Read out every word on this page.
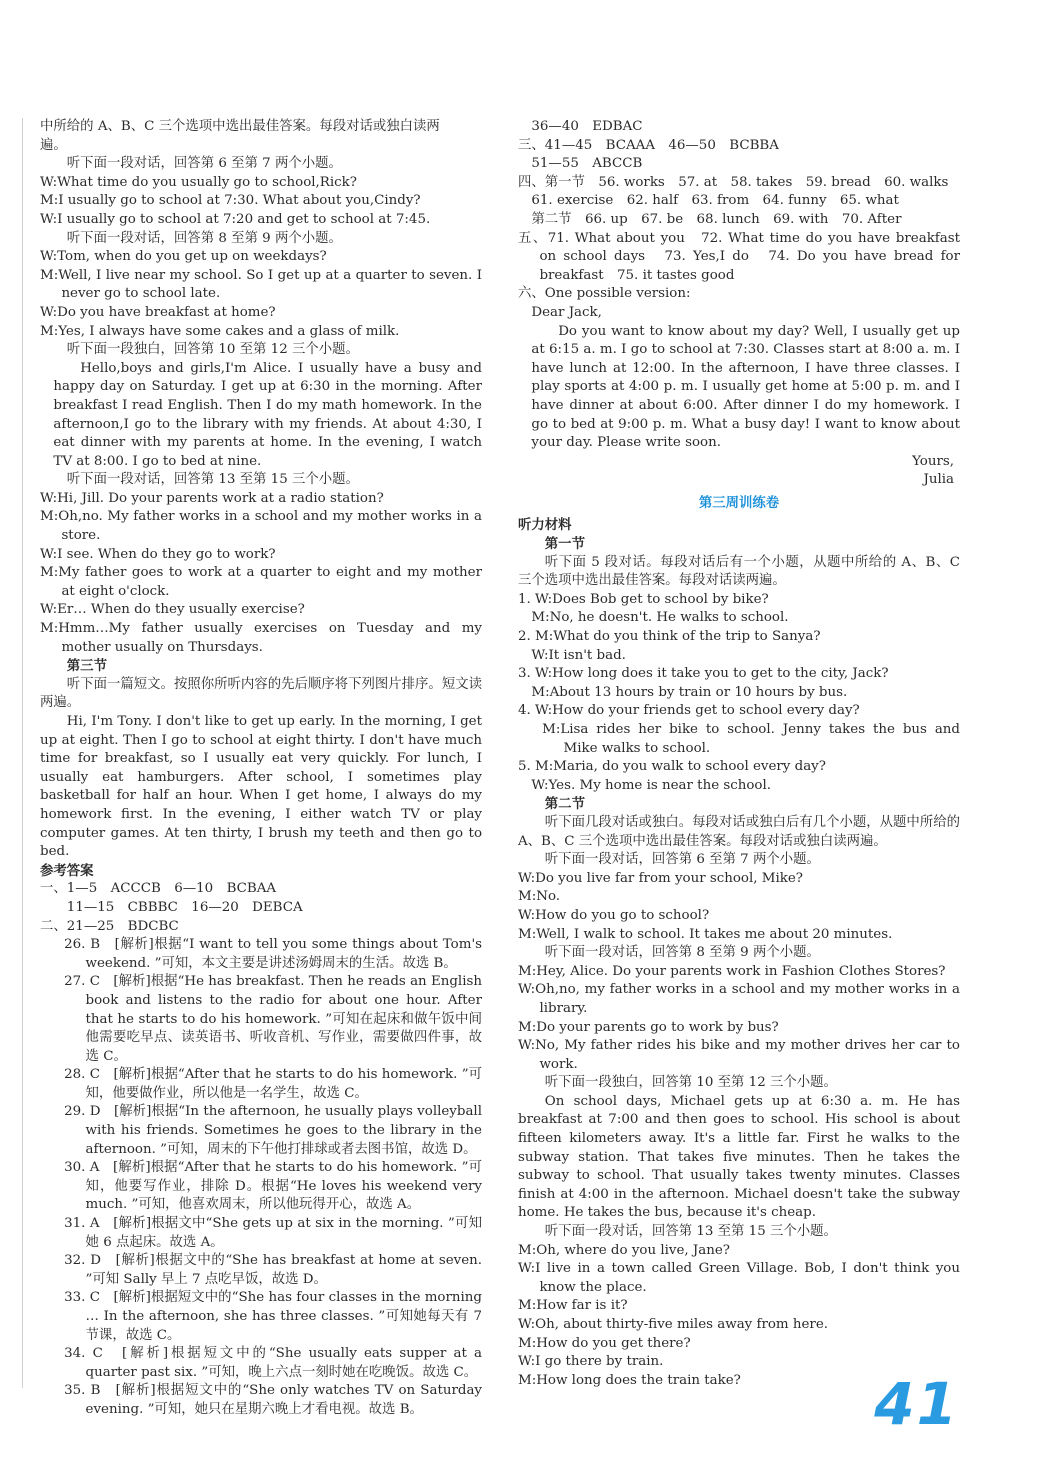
中所给的 A、B、C 三个选项中选出最佳答案。每段对话或独白读两

遍。

听下面一段对话，回答第 6 至第 7 两个小题。

W:What time do you usually go to school,Rick?

M:I usually go to school at 7:30. What about you,Cindy?

W:I usually go to school at 7:20 and get to school at 7:45.

听下面一段对话，回答第 8 至第 9 两个小题。

W:Tom, when do you get up on weekdays?

M:Well, I live near my school. So I get up at a quarter to seven. I never go to school late.

W:Do you have breakfast at home?

M:Yes, I always have some cakes and a glass of milk.

听下面一段独白，回答第 10 至第 12 三个小题。

Hello,boys and girls,I'm Alice. I usually have a busy and happy day on Saturday. I get up at 6:30 in the morning. After breakfast I read English. Then I do my math homework. In the afternoon,I go to the library with my friends. At about 4:30, I eat dinner with my parents at home. In the evening, I watch TV at 8:00. I go to bed at nine.

听下面一段对话，回答第 13 至第 15 三个小题。

W:Hi, Jill. Do your parents work at a radio station?

M:Oh,no. My father works in a school and my mother works in a store.

W:I see. When do they go to work?

M:My father goes to work at a quarter to eight and my mother at eight o'clock.

W:Er… When do they usually exercise?

M:Hmm…My father usually exercises on Tuesday and my mother usually on Thursdays.

第三节

听下面一篇短文。按照你所听内容的先后顺序将下列图片排序。短文读两遍。

Hi, I'm Tony. I don't like to get up early. In the morning, I get up at eight. Then I go to school at eight thirty. I don't have much time for breakfast, so I usually eat very quickly. For lunch, I usually eat hamburgers. After school, I sometimes play basketball for half an hour. When I get home, I always do my homework first. In the evening, I either watch TV or play computer games. At ten thirty, I brush my teeth and then go to bed.

参考答案

一、1—5　ACCCB　6—10　BCBAA

11—15　CBBBC　16—20　DEBCA

二、21—25　BDCBC

26. B　[解析]根据“I want to tell you some things about Tom's weekend. ”可知，本文主要是讲述汤姆周末的生活。故选 B。

27. C　[解析]根据“He has breakfast. Then he reads an English book and listens to the radio for about one hour. After that he starts to do his homework. ”可知在起床和做午饭中间他需要吃早点、读英语书、听收音机、写作业，需要做四件事，故选 C。

28. C　[解析]根据“After that he starts to do his homework. ”可知，他要做作业，所以他是一名学生，故选 C。

29. D　[解析]根据“In the afternoon, he usually plays volleyball with his friends. Sometimes he goes to the library in the afternoon. ”可知，周末的下午他打排球或者去图书馆，故选 D。

30. A　[解析]根据“After that he starts to do his homework. ”可知，他要写作业，排除 D。根据“He loves his weekend very much. ”可知，他喜欢周末，所以他玩得开心，故选 A。

31. A　[解析]根据文中“She gets up at six in the morning. ”可知她 6 点起床。故选 A。

32. D　[解析]根据文中的“She has breakfast at home at seven. ”可知 Sally 早上 7 点吃早饭，故选 D。

33. C　[解析]根据短文中的“She has four classes in the morning … In the afternoon, she has three classes. ”可知她每天有 7 节课，故选 C。

34. C　[解析]根据短文中的“She usually eats supper at a quarter past six. ”可知，晚上六点一刻时她在吃晚饭。故选 C。

35. B　[解析]根据短文中的“She only watches TV on Saturday evening. ”可知，她只在星期六晚上才看电视。故选 B。

36—40　EDBAC

三、41—45　BCAAA　46—50　BCBBA

51—55　ABCCB

四、第一节　56. works　57. at　58. takes　59. bread　60. walks

61. exercise　62. half　63. from　64. funny　65. what

第二节　66. up　67. be　68. lunch　69. with　70. After

五、71. What about you　72. What time do you have breakfast on school days　73. Yes,I do　74. Do you have bread for breakfast　75. it tastes good

六、One possible version:

Dear Jack,

Do you want to know about my day? Well, I usually get up at 6:15 a. m. I go to school at 7:30. Classes start at 8:00 a. m. I have lunch at 12:00. In the afternoon, I have three classes. I play sports at 4:00 p. m. I usually get home at 5:00 p. m. and I have dinner at about 6:00. After dinner I do my homework. I go to bed at 9:00 p. m. What a busy day! I want to know about your day. Please write soon.

Yours,

Julia

第三周训练卷

听力材料

第一节

听下面 5 段对话。每段对话后有一个小题，从题中所给的 A、B、C 三个选项中选出最佳答案。每段对话读两遍。

1. W:Does Bob get to school by bike?

M:No, he doesn't. He walks to school.

2. M:What do you think of the trip to Sanya?

W:It isn't bad.

3. W:How long does it take you to get to the city, Jack?

M:About 13 hours by train or 10 hours by bus.

4. W:How do your friends get to school every day?

M:Lisa rides her bike to school. Jenny takes the bus and Mike walks to school.

5. M:Maria, do you walk to school every day?

W:Yes. My home is near the school.

第二节

听下面几段对话或独白。每段对话或独白后有几个小题，从题中所给的 A、B、C 三个选项中选出最佳答案。每段对话或独白读两遍。

听下面一段对话，回答第 6 至第 7 两个小题。

W:Do you live far from your school, Mike?

M:No.

W:How do you go to school?

M:Well, I walk to school. It takes me about 20 minutes.

听下面一段对话，回答第 8 至第 9 两个小题。

M:Hey, Alice. Do your parents work in Fashion Clothes Stores?

W:Oh,no, my father works in a school and my mother works in a library.

M:Do your parents go to work by bus?

W:No, My father rides his bike and my mother drives her car to work.

听下面一段独白，回答第 10 至第 12 三个小题。

On school days, Michael gets up at 6:30 a. m. He has breakfast at 7:00 and then goes to school. His school is about fifteen kilometers away. It's a little far. First he walks to the subway station. That takes five minutes. Then he takes the subway to school. That usually takes twenty minutes. Classes finish at 4:00 in the afternoon. Michael doesn't take the subway home. He takes the bus, because it's cheap.

听下面一段对话，回答第 13 至第 15 三个小题。

M:Oh, where do you live, Jane?

W:I live in a town called Green Village. Bob, I don't think you know the place.

M:How far is it?

W:Oh, about thirty-five miles away from here.

M:How do you get there?

W:I go there by train.

M:How long does the train take?	41
